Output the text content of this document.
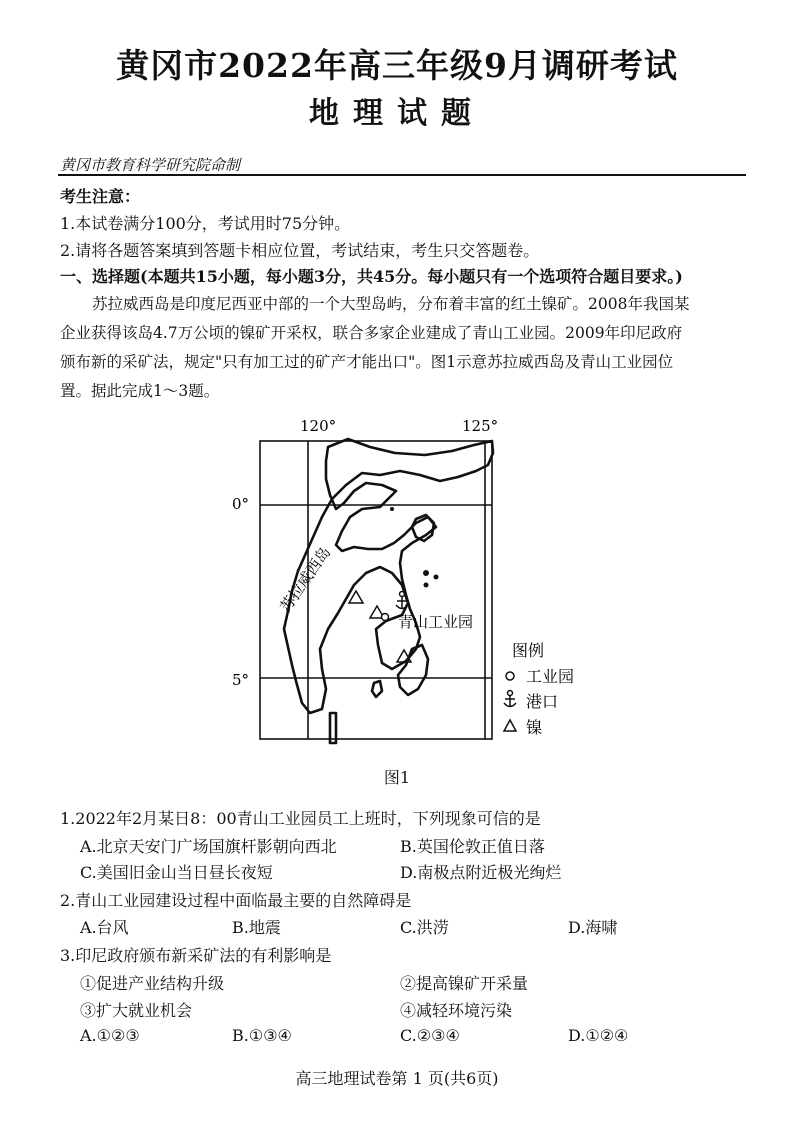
黄冈市2022年高三年级9月调研考试
地理试题
黄冈市教育科学研究院命制
考生注意：
1.本试卷满分100分，考试用时75分钟。
2.请将各题答案填到答题卡相应位置，考试结束，考生只交答题卷。
一、选择题(本题共15小题，每小题3分，共45分。每小题只有一个选项符合题目要求。)
苏拉威西岛是印度尼西亚中部的一个大型岛屿，分布着丰富的红土镍矿。2008年我国某
企业获得该岛4.7万公顷的镍矿开采权，联合多家企业建成了青山工业园。2009年印尼政府
颁布新的采矿法，规定"只有加工过的矿产才能出口"。图1示意苏拉威西岛及青山工业园位
置。据此完成1～3题。
120°	125°
0°
5°
苏拉威西岛
青山工业园
图例
工业园
港口
镍
图1
1.2022年2月某日8：00青山工业园员工上班时，下列现象可信的是
A.北京天安门广场国旗杆影朝向西北	B.英国伦敦正值日落
C.美国旧金山当日昼长夜短	D.南极点附近极光绚烂
2.青山工业园建设过程中面临最主要的自然障碍是
A.台风	B.地震	C.洪涝	D.海啸
3.印尼政府颁布新采矿法的有利影响是
①促进产业结构升级	②提高镍矿开采量
③扩大就业机会	④减轻环境污染
A.①②③	B.①③④	C.②③④	D.①②④
高三地理试卷第 1 页(共6页)
